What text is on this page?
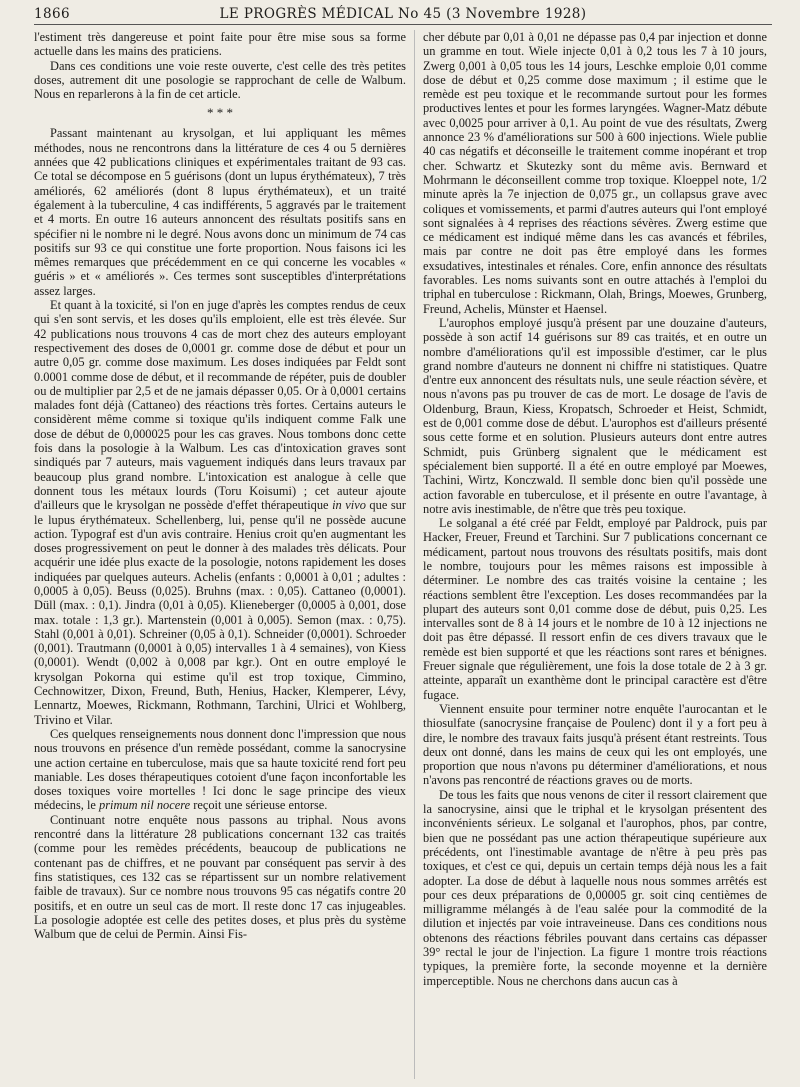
1866	LE PROGRÈS MÉDICAL No 45 (3 Novembre 1928)

l'estiment très dangereuse et point faite pour être mise sous sa forme actuelle dans les mains des praticiens.

Dans ces conditions une voie reste ouverte, c'est celle des très petites doses, autrement dit une posologie se rapprochant de celle de Walbum. Nous en reparlerons à la fin de cet article.

* * *

Passant maintenant au krysolgan, et lui appliquant les mêmes méthodes, nous ne rencontrons dans la littérature de ces 4 ou 5 dernières années que 42 publications cliniques et expérimentales traitant de 93 cas. Ce total se décompose en 5 guérisons (dont un lupus érythémateux), 7 très améliorés, 62 améliorés (dont 8 lupus érythémateux), et un traité également à la tuberculine, 4 cas indifférents, 5 aggravés par le traitement et 4 morts. En outre 16 auteurs annoncent des résultats positifs sans en spécifier ni le nombre ni le degré. Nous avons donc un minimum de 74 cas positifs sur 93 ce qui constitue une forte proportion. Nous faisons ici les mêmes remarques que précédemment en ce qui concerne les vocables « guéris » et « améliorés ». Ces termes sont susceptibles d'interprétations assez larges.

Et quant à la toxicité, si l'on en juge d'après les comptes rendus de ceux qui s'en sont servis, et les doses qu'ils emploient, elle est très élevée. Sur 42 publications nous trouvons 4 cas de mort chez des auteurs employant respectivement des doses de 0,0001 gr. comme dose de début et pour un autre 0,05 gr. comme dose maximum. Les doses indiquées par Feldt sont 0.0001 comme dose de début, et il recommande de répéter, puis de doubler ou de multiplier par 2,5 et de ne jamais dépasser 0,05. Or à 0,0001 certains malades font déjà (Cattaneo) des réactions très fortes. Certains auteurs le considèrent même comme si toxique qu'ils indiquent comme Falk une dose de début de 0,000025 pour les cas graves. Nous tombons donc cette fois dans la posologie à la Walbum. Les cas d'intoxication graves sont sindiqués par 7 auteurs, mais vaguement indiqués dans leurs travaux par beaucoup plus grand nombre. L'intoxication est analogue à celle que donnent tous les métaux lourds (Toru Koisumi) ; cet auteur ajoute d'ailleurs que le krysolgan ne possède d'effet thérapeutique in vivo que sur le lupus érythémateux. Schellenberg, lui, pense qu'il ne possède aucune action. Typograf est d'un avis contraire. Henius croit qu'en augmentant les doses progressivement on peut le donner à des malades très délicats. Pour acquérir une idée plus exacte de la posologie, notons rapidement les doses indiquées par quelques auteurs. Achelis (enfants : 0,0001 à 0,01 ; adultes : 0,0005 à 0,05). Beuss (0,025). Bruhns (max. : 0,05). Cattaneo (0,0001). Düll (max. : 0,1). Jindra (0,01 à 0,05). Klieneberger (0,0005 à 0,001, dose max. totale : 1,3 gr.). Martenstein (0,001 à 0,005). Semon (max. : 0,75). Stahl (0,001 à 0,01). Schreiner (0,05 à 0,1). Schneider (0,0001). Schroeder (0,001). Trautmann (0,0001 à 0,05) intervalles 1 à 4 semaines), von Kiess (0,0001). Wendt (0,002 à 0,008 par kgr.). Ont en outre employé le krysolgan Pokorna qui estime qu'il est trop toxique, Cimmino, Cechnowitzer, Dixon, Freund, Buth, Henius, Hacker, Klemperer, Lévy, Lennartz, Moewes, Rickmann, Rothmann, Tarchini, Ulrici et Wohlberg, Trivino et Vilar.

Ces quelques renseignements nous donnent donc l'impression que nous nous trouvons en présence d'un remède possédant, comme la sanocrysine une action certaine en tuberculose, mais que sa haute toxicité rend fort peu maniable. Les doses thérapeutiques cotoient d'une façon inconfortable les doses toxiques voire mortelles ! Ici donc le sage principe des vieux médecins, le primum nil nocere reçoit une sérieuse entorse.

Continuant notre enquête nous passons au triphal. Nous avons rencontré dans la littérature 28 publications concernant 132 cas traités (comme pour les remèdes précédents, beaucoup de publications ne contenant pas de chiffres, et ne pouvant par conséquent pas servir à des fins statistiques, ces 132 cas se répartissent sur un nombre relativement faible de travaux). Sur ce nombre nous trouvons 95 cas négatifs contre 20 positifs, et en outre un seul cas de mort. Il reste donc 17 cas injugeables. La posologie adoptée est celle des petites doses, et plus près du système Walbum que de celui de Permin. Ainsi Fis-

cher débute par 0,01 à 0,01 ne dépasse pas 0,4 par injection et donne un gramme en tout. Wiele injecte 0,01 à 0,2 tous les 7 à 10 jours, Zwerg 0,001 à 0,05 tous les 14 jours, Leschke emploie 0,01 comme dose de début et 0,25 comme dose maximum ; il estime que le remède est peu toxique et le recommande surtout pour les formes productives lentes et pour les formes laryngées. Wagner-Matz débute avec 0,0025 pour arriver à 0,1. Au point de vue des résultats, Zwerg annonce 23 % d'améliorations sur 500 à 600 injections. Wiele publie 40 cas négatifs et déconseille le traitement comme inopérant et trop cher. Schwartz et Skutezky sont du même avis. Bernward et Mohrmann le déconseillent comme trop toxique. Kloeppel note, 1/2 minute après la 7e injection de 0,075 gr., un collapsus grave avec coliques et vomissements, et parmi d'autres auteurs qui l'ont employé sont signalées à 4 reprises des réactions sévères. Zwerg estime que ce médicament est indiqué même dans les cas avancés et fébriles, mais par contre ne doit pas être employé dans les formes exsudatives, intestinales et rénales. Core, enfin annonce des résultats favorables. Les noms suivants sont en outre attachés à l'emploi du triphal en tuberculose : Rickmann, Olah, Brings, Moewes, Grunberg, Freund, Achelis, Münster et Haensel.

L'aurophos employé jusqu'à présent par une douzaine d'auteurs, possède à son actif 14 guérisons sur 89 cas traités, et en outre un nombre d'améliorations qu'il est impossible d'estimer, car le plus grand nombre d'auteurs ne donnent ni chiffre ni statistiques. Quatre d'entre eux annoncent des résultats nuls, une seule réaction sévère, et nous n'avons pas pu trouver de cas de mort. Le dosage de l'avis de Oldenburg, Braun, Kiess, Kropatsch, Schroeder et Heist, Schmidt, est de 0,001 comme dose de début. L'aurophos est d'ailleurs présenté sous cette forme et en solution. Plusieurs auteurs dont entre autres Schmidt, puis Grünberg signalent que le médicament est spécialement bien supporté. Il a été en outre employé par Moewes, Tachini, Wirtz, Konczwald. Il semble donc bien qu'il possède une action favorable en tuberculose, et il présente en outre l'avantage, à notre avis inestimable, de n'être que très peu toxique.

Le solganal a été créé par Feldt, employé par Paldrock, puis par Hacker, Freuer, Freund et Tarchini. Sur 7 publications concernant ce médicament, partout nous trouvons des résultats positifs, mais dont le nombre, toujours pour les mêmes raisons est impossible à déterminer. Le nombre des cas traités voisine la centaine ; les réactions semblent être l'exception. Les doses recommandées par la plupart des auteurs sont 0,01 comme dose de début, puis 0,25. Les intervalles sont de 8 à 14 jours et le nombre de 10 à 12 injections ne doit pas être dépassé. Il ressort enfin de ces divers travaux que le remède est bien supporté et que les réactions sont rares et bénignes. Freuer signale que régulièrement, une fois la dose totale de 2 à 3 gr. atteinte, apparaît un exanthème dont le principal caractère est d'être fugace.

Viennent ensuite pour terminer notre enquête l'aurocantan et le thiosulfate (sanocrysine française de Poulenc) dont il y a fort peu à dire, le nombre des travaux faits jusqu'à présent étant restreints. Tous deux ont donné, dans les mains de ceux qui les ont employés, une proportion que nous n'avons pu déterminer d'améliorations, et nous n'avons pas rencontré de réactions graves ou de morts.

De tous les faits que nous venons de citer il ressort clairement que la sanocrysine, ainsi que le triphal et le krysolgan présentent des inconvénients sérieux. Le solganal et l'aurophos, phos, par contre, bien que ne possédant pas une action thérapeutique supérieure aux précédents, ont l'inestimable avantage de n'être à peu près pas toxiques, et c'est ce qui, depuis un certain temps déjà nous les a fait adopter. La dose de début à laquelle nous nous sommes arrêtés est pour ces deux préparations de 0,00005 gr. soit cinq centièmes de milligramme mélangés à de l'eau salée pour la commodité de la dilution et injectés par voie intraveineuse. Dans ces conditions nous obtenons des réactions fébriles pouvant dans certains cas dépasser 39° rectal le jour de l'injection. La figure 1 montre trois réactions typiques, la première forte, la seconde moyenne et la dernière imperceptible. Nous ne cherchons dans aucun cas à
